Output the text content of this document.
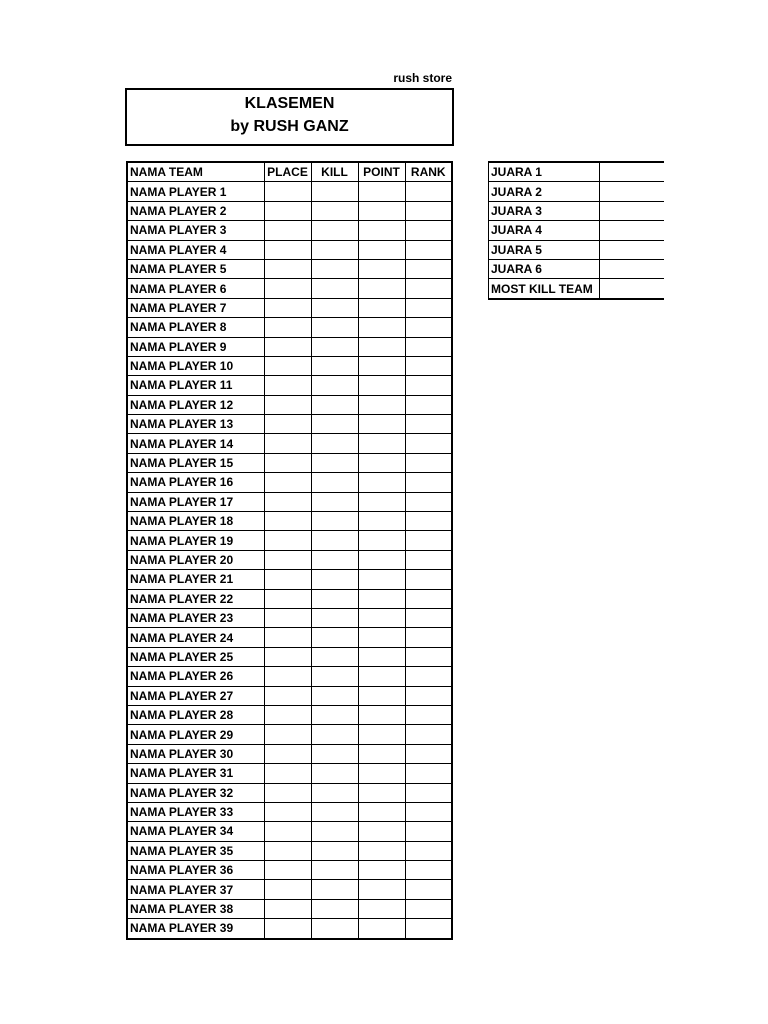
rush store
KLASEMEN
by RUSH GANZ
NAMA TEAM	PLACE	KILL	POINT	RANK
NAMA PLAYER 1				
NAMA PLAYER 2				
NAMA PLAYER 3				
NAMA PLAYER 4				
NAMA PLAYER 5				
NAMA PLAYER 6				
NAMA PLAYER 7				
NAMA PLAYER 8				
NAMA PLAYER 9				
NAMA PLAYER 10				
NAMA PLAYER 11				
NAMA PLAYER 12				
NAMA PLAYER 13				
NAMA PLAYER 14				
NAMA PLAYER 15				
NAMA PLAYER 16				
NAMA PLAYER 17				
NAMA PLAYER 18				
NAMA PLAYER 19				
NAMA PLAYER 20				
NAMA PLAYER 21				
NAMA PLAYER 22				
NAMA PLAYER 23				
NAMA PLAYER 24				
NAMA PLAYER 25				
NAMA PLAYER 26				
NAMA PLAYER 27				
NAMA PLAYER 28				
NAMA PLAYER 29				
NAMA PLAYER 30				
NAMA PLAYER 31				
NAMA PLAYER 32				
NAMA PLAYER 33				
NAMA PLAYER 34				
NAMA PLAYER 35				
NAMA PLAYER 36				
NAMA PLAYER 37				
NAMA PLAYER 38				
NAMA PLAYER 39				
JUARA 1	
JUARA 2	
JUARA 3	
JUARA 4	
JUARA 5	
JUARA 6	
MOST KILL TEAM	
